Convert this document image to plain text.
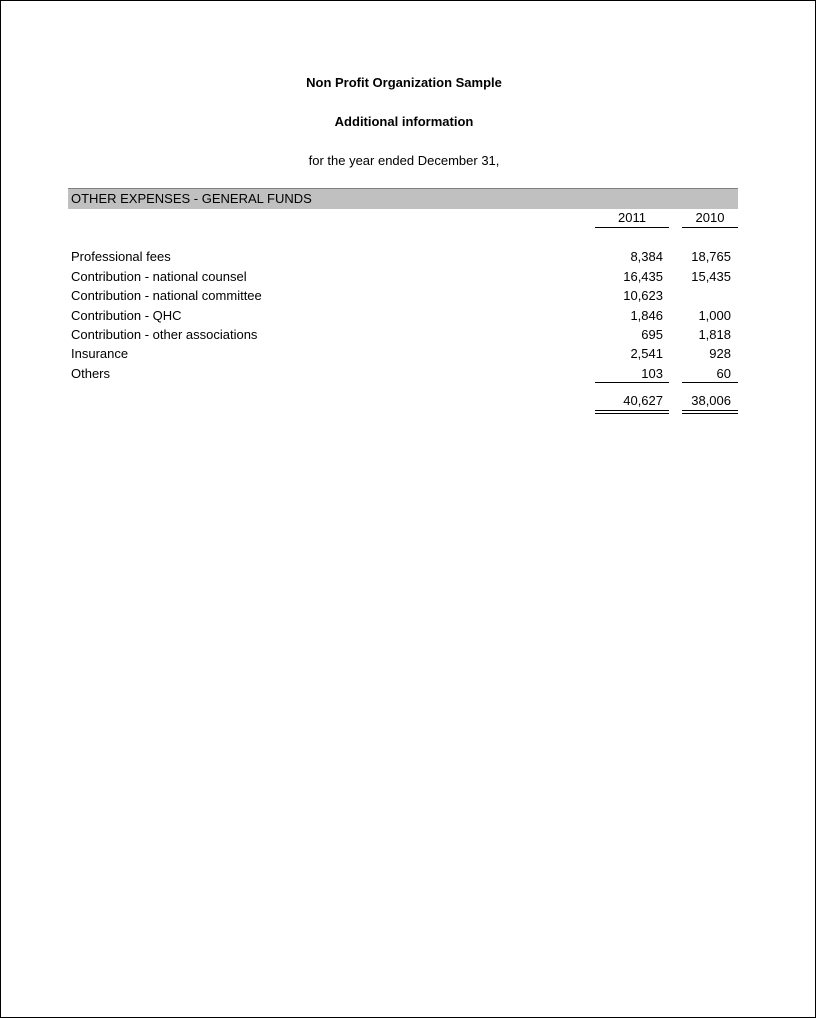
Non Profit Organization Sample
Additional information
for the year ended December 31,
OTHER EXPENSES - GENERAL FUNDS
2011	2010
Professional fees	8,384	18,765
Contribution - national counsel	16,435	15,435
Contribution - national committee	10,623
Contribution - QHC	1,846	1,000
Contribution - other associations	695	1,818
Insurance	2,541	928
Others	103	60
40,627	38,006
